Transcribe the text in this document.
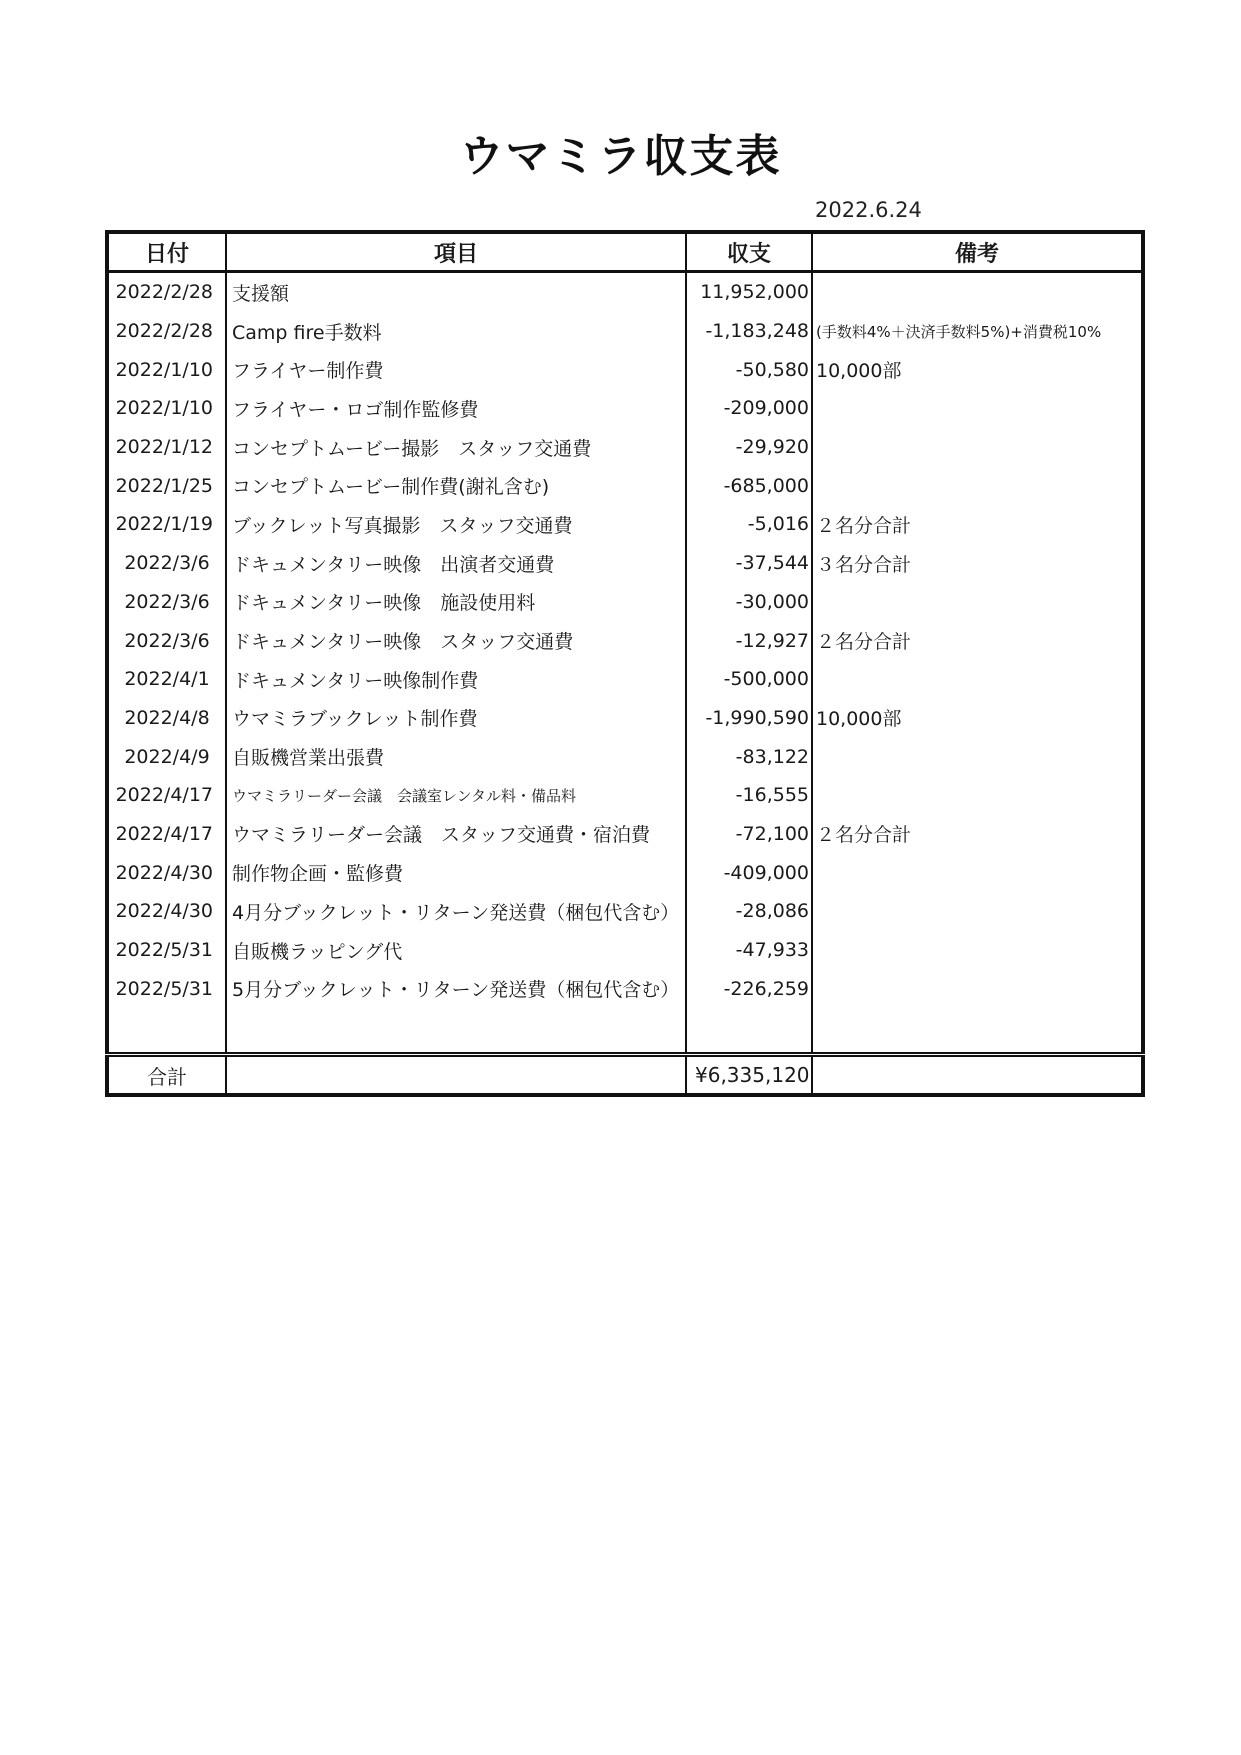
ウマミラ収支表
2022.6.24
日付	項目	収支	備考
2022/2/28	支援額	11,952,000	
2022/2/28	Camp fire手数料	-1,183,248	(手数料4%＋決済手数料5%)+消費税10%
2022/1/10	フライヤー制作費	-50,580	10,000部
2022/1/10	フライヤー・ロゴ制作監修費	-209,000	
2022/1/12	コンセプトムービー撮影　スタッフ交通費	-29,920	
2022/1/25	コンセプトムービー制作費(謝礼含む)	-685,000	
2022/1/19	ブックレット写真撮影　スタッフ交通費	-5,016	２名分合計
2022/3/6	ドキュメンタリー映像　出演者交通費	-37,544	３名分合計
2022/3/6	ドキュメンタリー映像　施設使用料	-30,000	
2022/3/6	ドキュメンタリー映像　スタッフ交通費	-12,927	２名分合計
2022/4/1	ドキュメンタリー映像制作費	-500,000	
2022/4/8	ウマミラブックレット制作費	-1,990,590	10,000部
2022/4/9	自販機営業出張費	-83,122	
2022/4/17	ウマミラリーダー会議　会議室レンタル料・備品料	-16,555	
2022/4/17	ウマミラリーダー会議　スタッフ交通費・宿泊費	-72,100	２名分合計
2022/4/30	制作物企画・監修費	-409,000	
2022/4/30	4月分ブックレット・リターン発送費（梱包代含む）	-28,086	
2022/5/31	自販機ラッピング代	-47,933	
2022/5/31	5月分ブックレット・リターン発送費（梱包代含む）	-226,259	

合計		¥6,335,120	
